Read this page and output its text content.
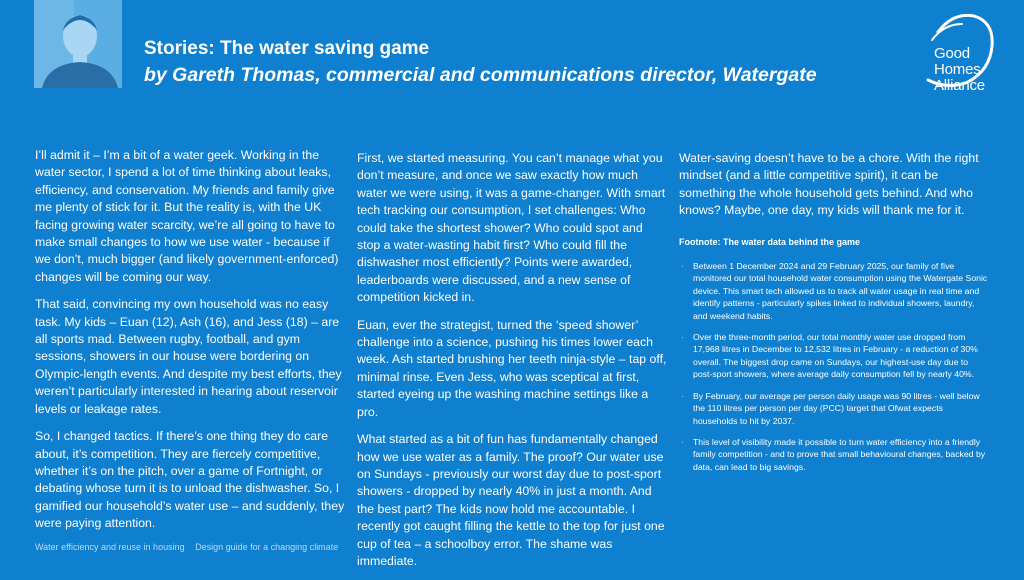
Stories: The water saving game
by Gareth Thomas, commercial and communications director, Watergate
Good
Homes
Alliance

I’ll admit it – I’m a bit of a water geek. Working in the water sector, I spend a lot of time thinking about leaks, efficiency, and conservation. My friends and family give me plenty of stick for it. But the reality is, with the UK facing growing water scarcity, we’re all going to have to make small changes to how we use water - because if we don’t, much bigger (and likely government-enforced) changes will be coming our way.

That said, convincing my own household was no easy task. My kids – Euan (12), Ash (16), and Jess (18) – are all sports mad. Between rugby, football, and gym sessions, showers in our house were bordering on Olympic-length events. And despite my best efforts, they weren’t particularly interested in hearing about reservoir levels or leakage rates.

So, I changed tactics. If there’s one thing they do care about, it’s competition. They are fiercely competitive, whether it’s on the pitch, over a game of Fortnight, or debating whose turn it is to unload the dishwasher. So, I gamified our household’s water use – and suddenly, they were paying attention.

First, we started measuring. You can’t manage what you don’t measure, and once we saw exactly how much water we were using, it was a game-changer. With smart tech tracking our consumption, I set challenges: Who could take the shortest shower? Who could spot and stop a water-wasting habit first? Who could fill the dishwasher most efficiently? Points were awarded, leaderboards were discussed, and a new sense of competition kicked in.

Euan, ever the strategist, turned the ‘speed shower’ challenge into a science, pushing his times lower each week. Ash started brushing her teeth ninja-style – tap off, minimal rinse. Even Jess, who was sceptical at first, started eyeing up the washing machine settings like a pro.

What started as a bit of fun has fundamentally changed how we use water as a family. The proof? Our water use on Sundays - previously our worst day due to post-sport showers - dropped by nearly 40% in just a month. And the best part? The kids now hold me accountable. I recently got caught filling the kettle to the top for just one cup of tea – a schoolboy error. The shame was immediate.

Water-saving doesn’t have to be a chore. With the right mindset (and a little competitive spirit), it can be something the whole household gets behind. And who knows? Maybe, one day, my kids will thank me for it.

Footnote: The water data behind the game
· Between 1 December 2024 and 29 February 2025, our family of five monitored our total household water consumption using the Watergate Sonic device. This smart tech allowed us to track all water usage in real time and identify patterns - particularly spikes linked to individual showers, laundry, and weekend habits.
· Over the three-month period, our total monthly water use dropped from 17,968 litres in December to 12,532 litres in February - a reduction of 30% overall. The biggest drop came on Sundays, our highest-use day due to post-sport showers, where average daily consumption fell by nearly 40%.
· By February, our average per person daily usage was 90 litres - well below the 110 litres per person per day (PCC) target that Ofwat expects households to hit by 2037.
· This level of visibility made it possible to turn water efficiency into a friendly family competition - and to prove that small behavioural changes, backed by data, can lead to big savings.
Water efficiency and reuse in housing Design guide for a changing climate
